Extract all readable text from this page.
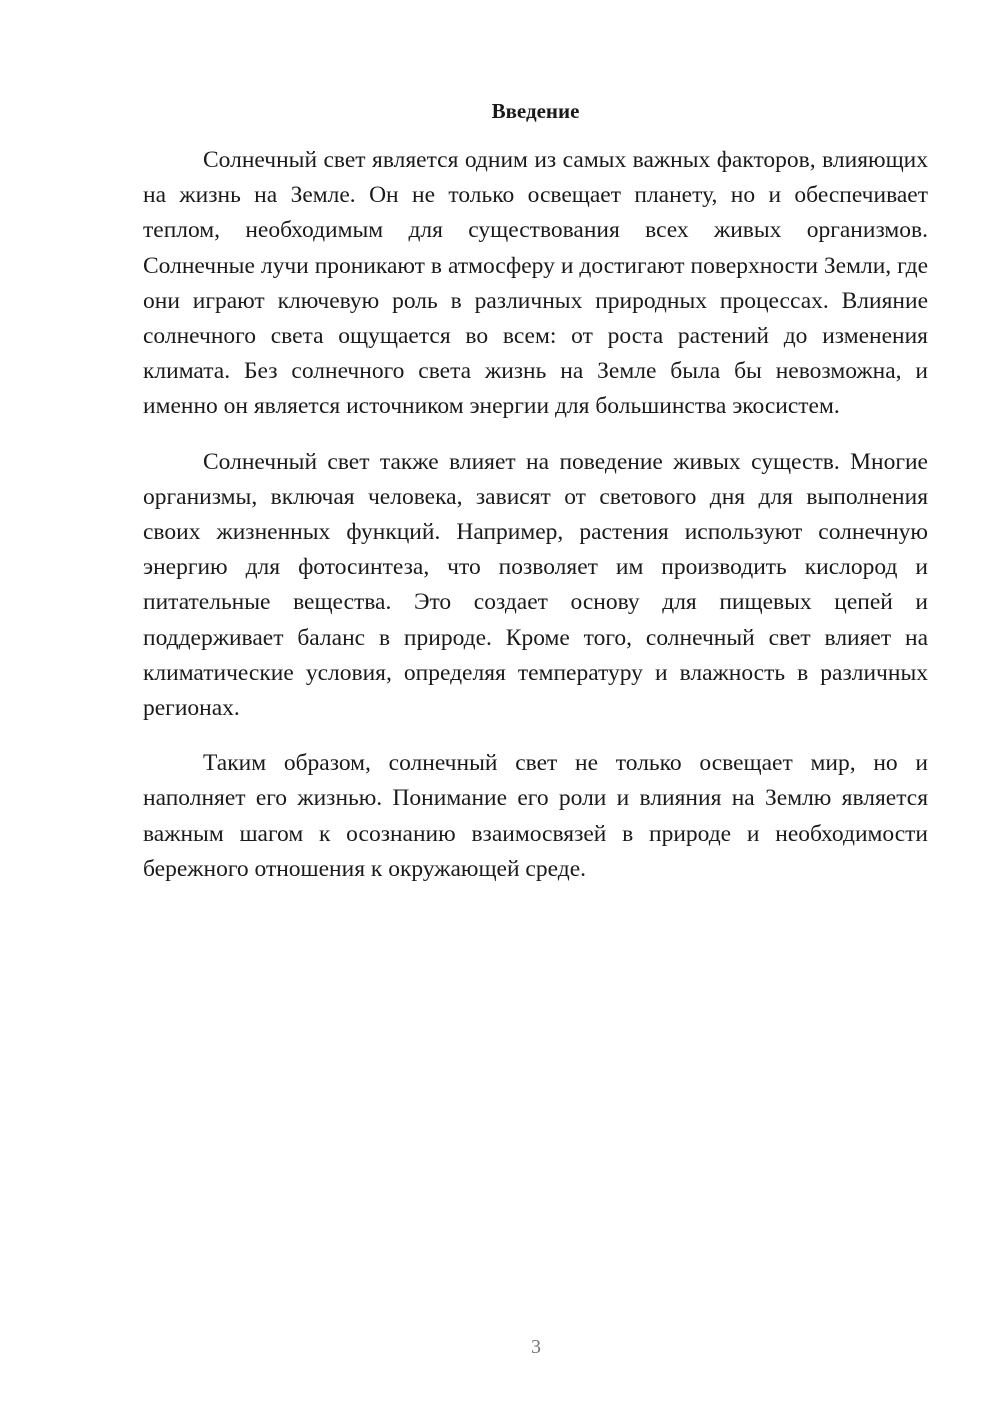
Введение

Солнечный свет является одним из самых важных факторов, влияющих на жизнь на Земле. Он не только освещает планету, но и обеспечивает теплом, необходимым для существования всех живых организмов. Солнечные лучи проникают в атмосферу и достигают поверхности Земли, где они играют ключевую роль в различных природных процессах. Влияние солнечного света ощущается во всем: от роста растений до изменения климата. Без солнечного света жизнь на Земле была бы невозможна, и именно он является источником энергии для большинства экосистем.

Солнечный свет также влияет на поведение живых существ. Многие организмы, включая человека, зависят от светового дня для выполнения своих жизненных функций. Например, растения используют солнечную энергию для фотосинтеза, что позволяет им производить кислород и питательные вещества. Это создает основу для пищевых цепей и поддерживает баланс в природе. Кроме того, солнечный свет влияет на климатические условия, определяя температуру и влажность в различных регионах.

Таким образом, солнечный свет не только освещает мир, но и наполняет его жизнью. Понимание его роли и влияния на Землю является важным шагом к осознанию взаимосвязей в природе и необходимости бережного отношения к окружающей среде.

3
